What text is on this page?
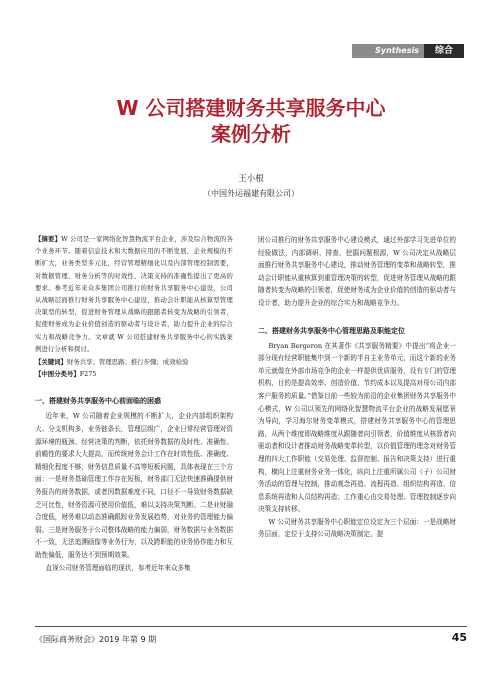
Synthesis	综合
W 公司搭建财务共享服务中心
案例分析
王小根
（中国外运福建有限公司）
【摘要】W 公司是一家网络化智慧物流平台企业，涉及综合物流的各个业务环节。随着信息技术和大数据应用的不断发展，企业规模的不断扩大，业务类型多元化，经营管理精细化以及内部管理控制需要，对数据管理、财务分析等的时效性、决策支持的准确性提出了更高的要求。参考近年来众多集团公司推行的财务共享服务中心建设，公司从战略层面推行财务共享服务中心建设，推动会计职能从核算型管理决策型的转型，促进财务管理从战略的跟随者转变为战略的引领者，促使财务成为企业价值创造的驱动者与设计者，助力提升企业的综合实力和战略竞争力。文章就 W 公司搭建财务共享服务中心的实践案例进行分析和探讨。
【关键词】财务共享；管理思路；推行步骤；成效检验
【中图分类号】F275
一、搭建财务共享服务中心前面临的困惑
近年来，W 公司随着企业规模的不断扩大，企业内部组织架构大、分支机构多，业务链条长，管理层级广，企业日常经营管理对资源环境的瓶颈、经营决策的判断，依托财务数据的及时性、准确性、前瞻性的要求大大提高，而传统财务会计工作在时效性低、准确度、精细化程度不够，财务信息质量不高等短板问题，具体表现在三个方面：一是财务基础管理工作存在短板，财务部门无法快速准确提供财务报告的财务数据，或者因数据难度不同，口径不一导致财务数据缺乏可比性，财务资源可使用价值低，难以支持决策判断。二是业财融合度低，财务难以动态准确跟踪业务发展趋势，对业务的管理能力偏弱。三是财务服务于公司整体战略的能力偏弱，财务数据与业务数据不一致，无法追溯画像等业务行为，以及跨职能的业务协作能力和互助性偏低，服务达不到预期效果。
直视公司财务管理面临的现状，参考近年来众多集
团公司推行的财务共享服务中心建设模式，通过外部学习先进单位的经验做法，内部调研、排查、挖掘问题根源，W 公司决定从战略层面推行财务共享服务中心建设，推动财务管理的变革和战略转型，推动会计职能从重核算到重管理决策的转型，促进财务管理从战略的跟随者转变为战略的引领者，促使财务成为企业价值的创造的驱动者与设计者，助力提升企业的综合实力和战略竞争力。
二、搭建财务共享服务中心管理思路及职能定位
Bryan Bergeron 在其著作《共享服务精要》中提出“将企业一部分现有经营职能集中到一个新的半自主业务单元，而这个新的业务单元就像在外部市场竞争的企业一样提供优质服务，设有专门的管理机构，目的是提高效率、创造价值、节约成本以及提高对母公司内部客户服务的质量。”借鉴目前一些较为前沿的企业集团财务共享服务中心模式，W 公司以领先的网络化智慧物流平台企业的战略发展愿景为导向，学习海尔财务变革模式，搭建财务共享服务中心的管理思路，从两个维度即战略维度从跟随者向引领者，价值维度从核算者向驱动者和设计者推动财务战略变革转型，以价值管理的理念对财务管理的四大工作职能（交易处理、监督控制、报告和决策支持）进行重构，横向上注重财务业务一体化，纵向上注重所属公司（子）公司财务活动的管理与控制，推动观念再造、流程再造、组织结构再造、信息系统再造和人员结构再造；工作重心由交易处理、管理控制逐步向决策支持转移。
W 公司财务共享服务中心职能定位设定为三个层面：一是战略财务层面，定位于支持公司战略决策制定，提
《国际商务财会》2019 年第 9 期	45
